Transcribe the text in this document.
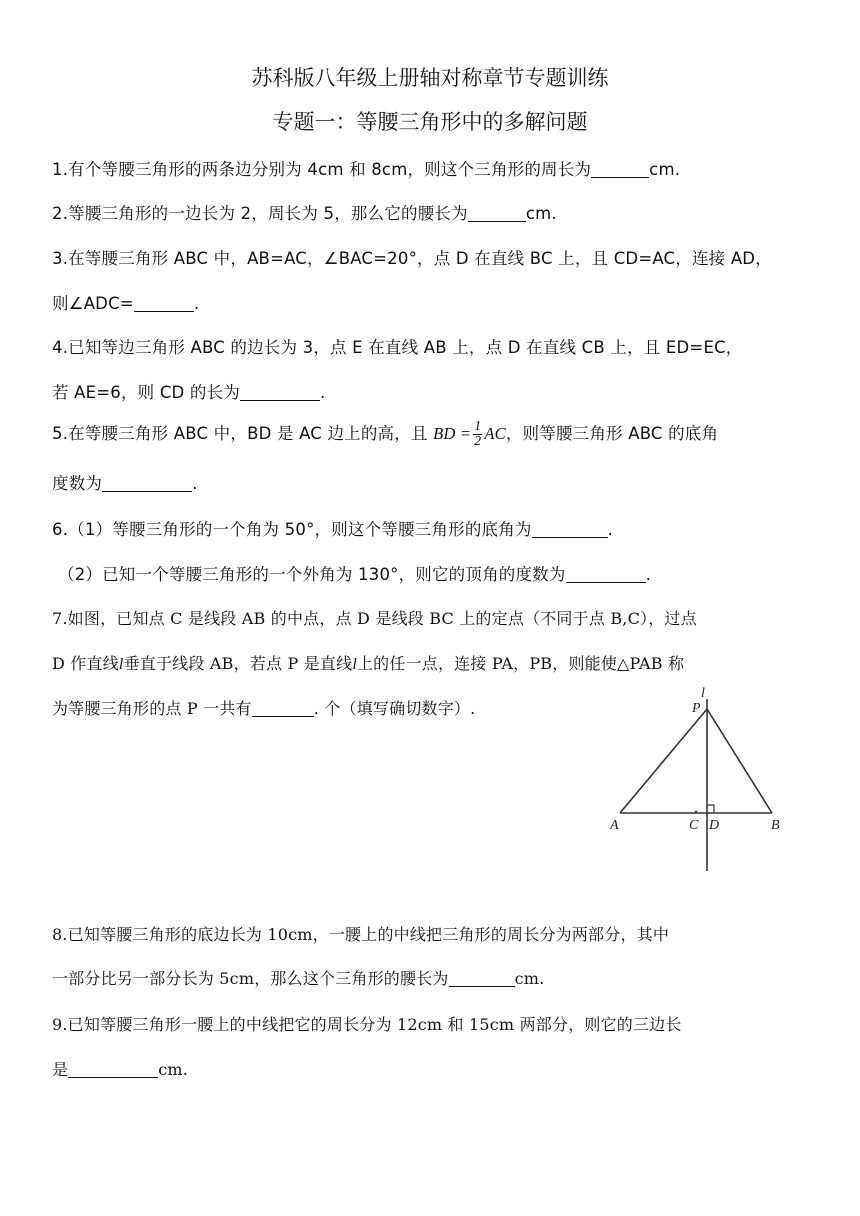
苏科版八年级上册轴对称章节专题训练
专题一：等腰三角形中的多解问题
1.有个等腰三角形的两条边分别为 4cm 和 8cm，则这个三角形的周长为	cm.
2.等腰三角形的一边长为 2，周长为 5，那么它的腰长为	cm.
3.在等腰三角形 ABC 中，AB=AC，∠BAC=20°，点 D 在直线 BC 上，且 CD=AC，连接 AD，
则∠ADC=	.
4.已知等边三角形 ABC 的边长为 3，点 E 在直线 AB 上，点 D 在直线 CB 上，且 ED=EC，
若 AE=6，则 CD 的长为	.
5.在等腰三角形 ABC 中，BD 是 AC 边上的高，且 BD = $\frac{1}{2}$ AC，则等腰三角形 ABC 的底角
度数为	.
6.（1）等腰三角形的一个角为 50°，则这个等腰三角形的底角为	.
（2）已知一个等腰三角形的一个外角为 130°，则它的顶角的度数为	.
7.如图，已知点 C 是线段 AB 的中点，点 D 是线段 BC 上的定点（不同于点 B,C），过点
D 作直线l垂直于线段 AB，若点 P 是直线l上的任一点，连接 PA，PB，则能使△PAB 称
为等腰三角形的点 P 一共有	. 个（填写确切数字）.
l
P
A	C D	B
8.已知等腰三角形的底边长为 10cm，一腰上的中线把三角形的周长分为两部分，其中
一部分比另一部分长为 5cm，那么这个三角形的腰长为	cm.
9.已知等腰三角形一腰上的中线把它的周长分为 12cm 和 15cm 两部分，则它的三边长
是	cm.
